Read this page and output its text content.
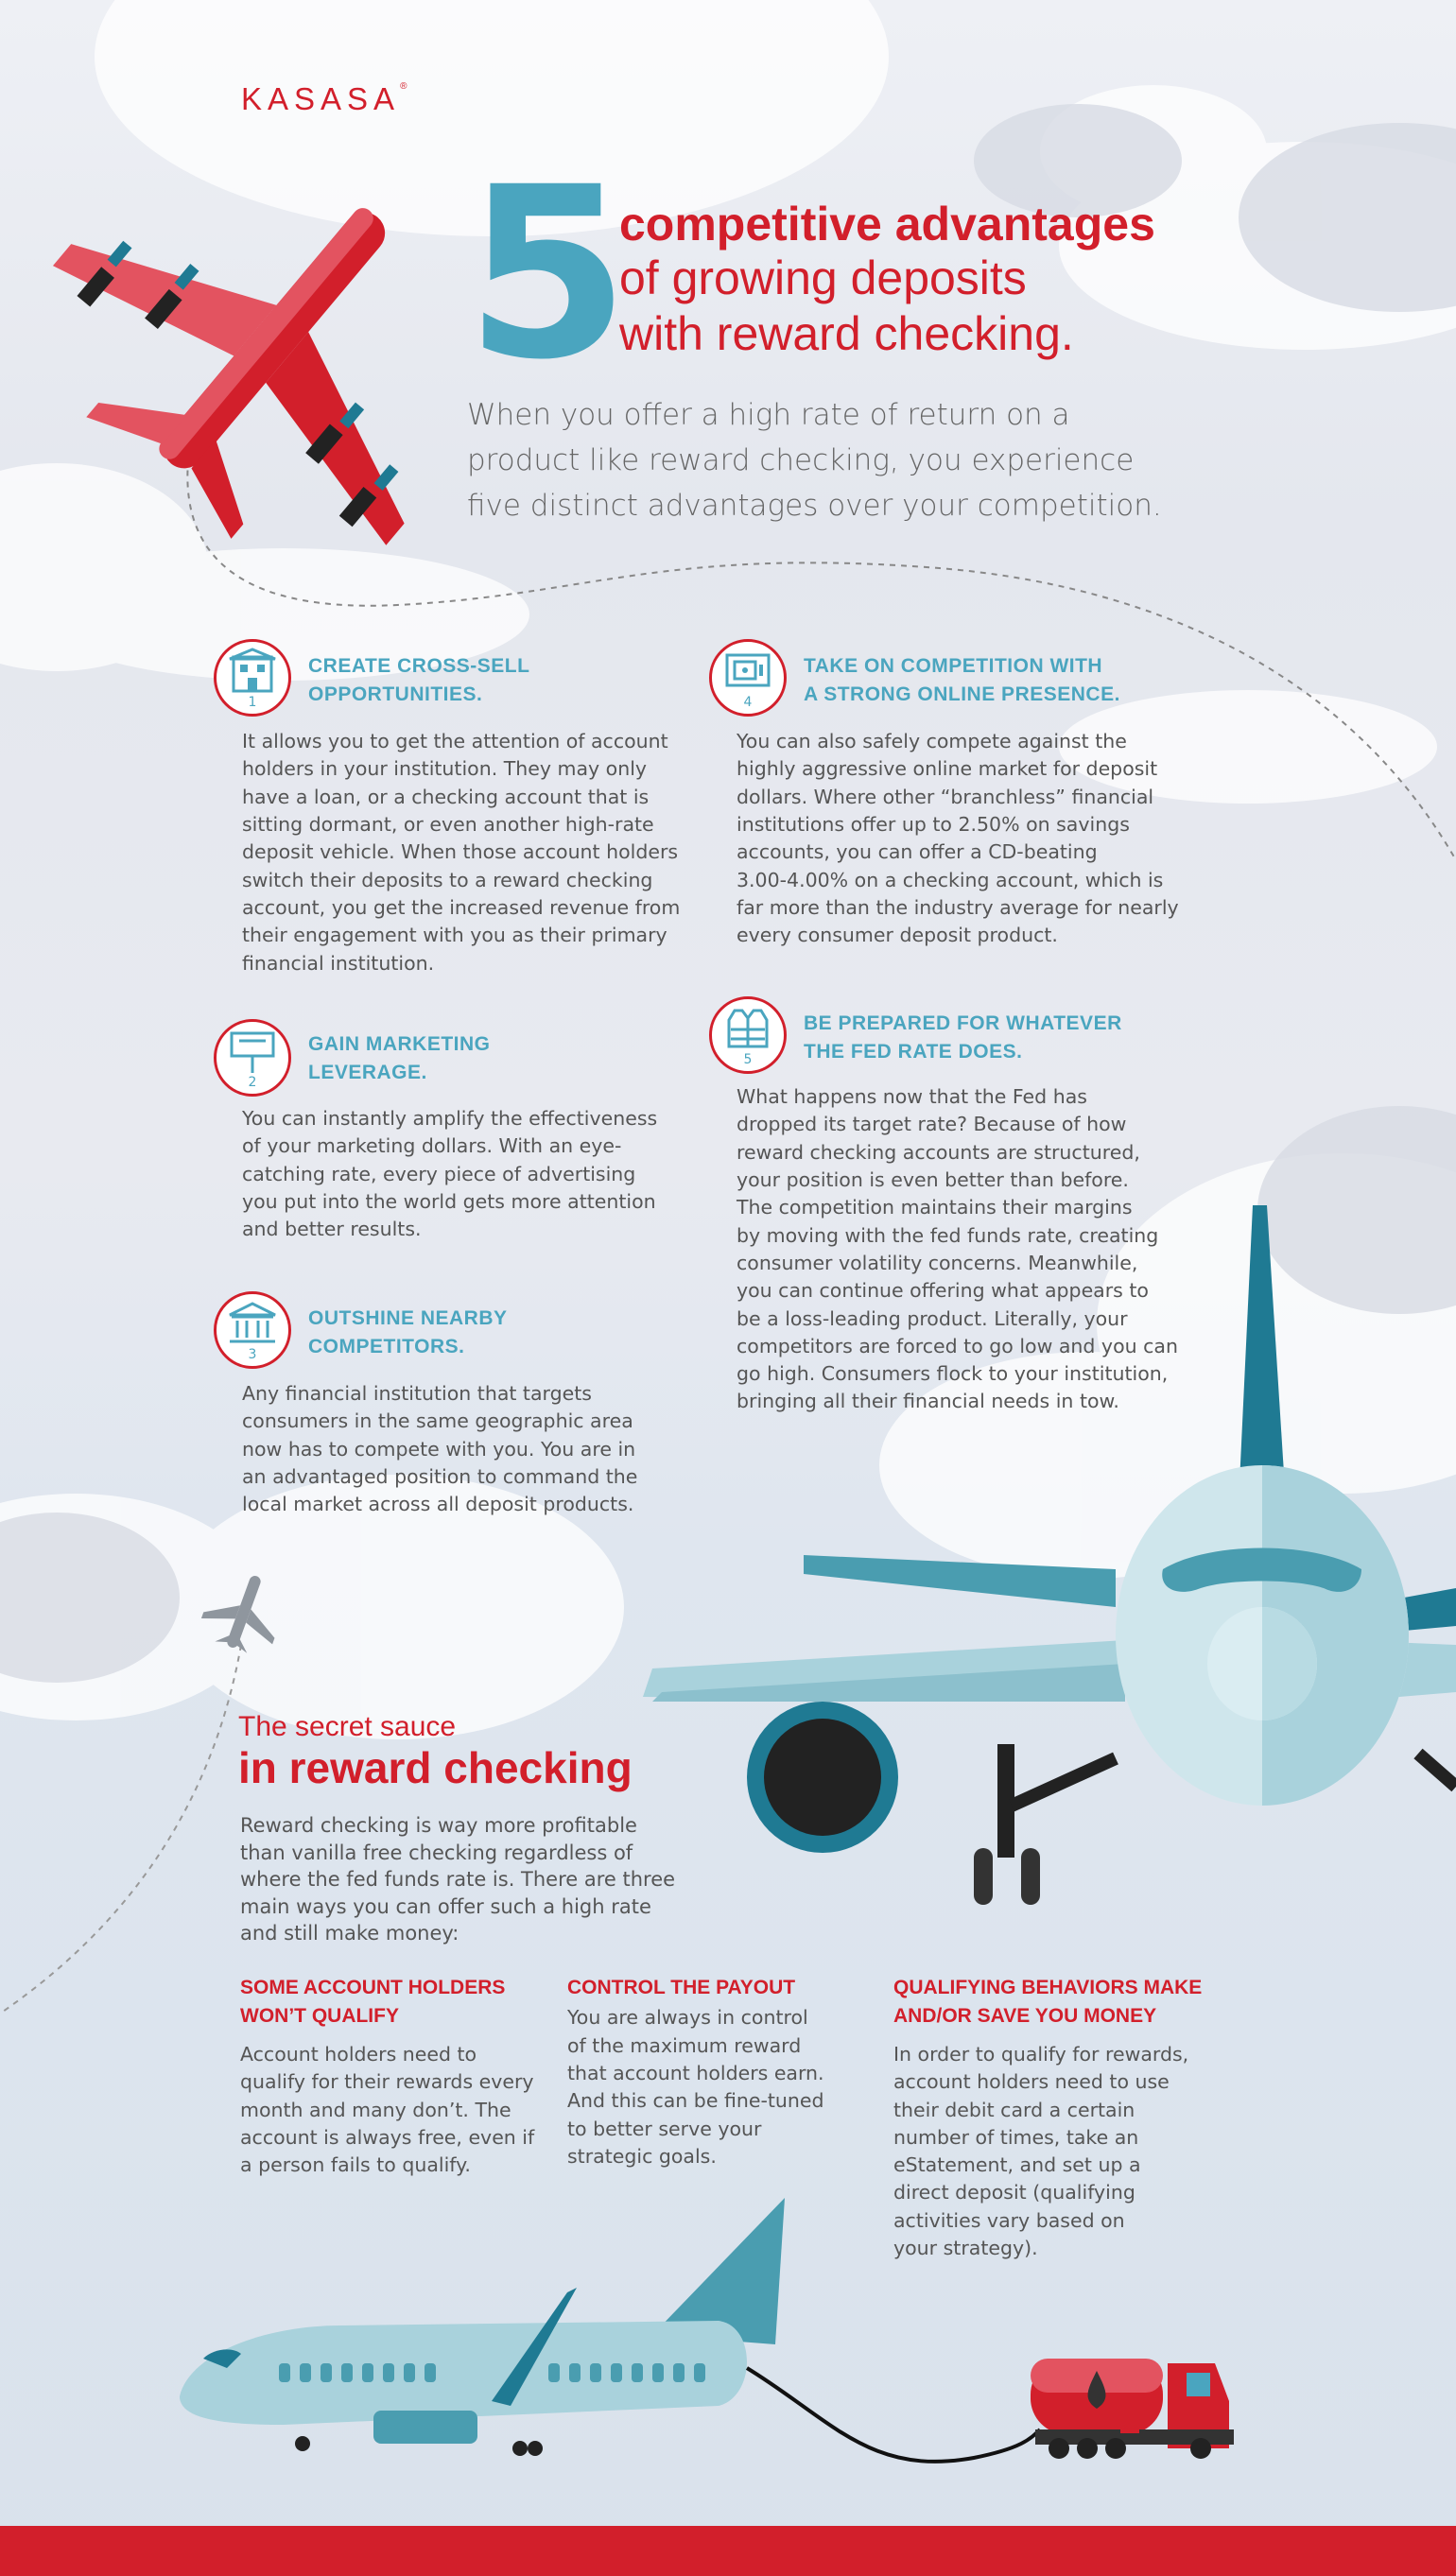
KASASA®
5
competitive advantages
of growing deposits
with reward checking.
When you offer a high rate of return on a
product like reward checking, you experience
five distinct advantages over your competition.
1
CREATE CROSS-SELL
OPPORTUNITIES.
It allows you to get the attention of account
holders in your institution. They may only
have a loan, or a checking account that is
sitting dormant, or even another high-rate
deposit vehicle. When those account holders
switch their deposits to a reward checking
account, you get the increased revenue from
their engagement with you as their primary
financial institution.
2
GAIN MARKETING
LEVERAGE.
You can instantly amplify the effectiveness
of your marketing dollars. With an eye-
catching rate, every piece of advertising
you put into the world gets more attention
and better results.
3
OUTSHINE NEARBY
COMPETITORS.
Any financial institution that targets
consumers in the same geographic area
now has to compete with you. You are in
an advantaged position to command the
local market across all deposit products.
4
TAKE ON COMPETITION WITH
A STRONG ONLINE PRESENCE.
You can also safely compete against the
highly aggressive online market for deposit
dollars. Where other “branchless” financial
institutions offer up to 2.50% on savings
accounts, you can offer a CD-beating
3.00-4.00% on a checking account, which is
far more than the industry average for nearly
every consumer deposit product.
5
BE PREPARED FOR WHATEVER
THE FED RATE DOES.
What happens now that the Fed has
dropped its target rate? Because of how
reward checking accounts are structured,
your position is even better than before.
The competition maintains their margins
by moving with the fed funds rate, creating
consumer volatility concerns. Meanwhile,
you can continue offering what appears to
be a loss-leading product. Literally, your
competitors are forced to go low and you can
go high. Consumers flock to your institution,
bringing all their financial needs in tow.
The secret sauce
in reward checking
Reward checking is way more profitable
than vanilla free checking regardless of
where the fed funds rate is. There are three
main ways you can offer such a high rate
and still make money:
SOME ACCOUNT HOLDERS
WON’T QUALIFY
Account holders need to
qualify for their rewards every
month and many don’t. The
account is always free, even if
a person fails to qualify.
CONTROL THE PAYOUT
You are always in control
of the maximum reward
that account holders earn.
And this can be fine-tuned
to better serve your
strategic goals.
QUALIFYING BEHAVIORS MAKE
AND/OR SAVE YOU MONEY
In order to qualify for rewards,
account holders need to use
their debit card a certain
number of times, take an
eStatement, and set up a
direct deposit (qualifying
activities vary based on
your strategy).
